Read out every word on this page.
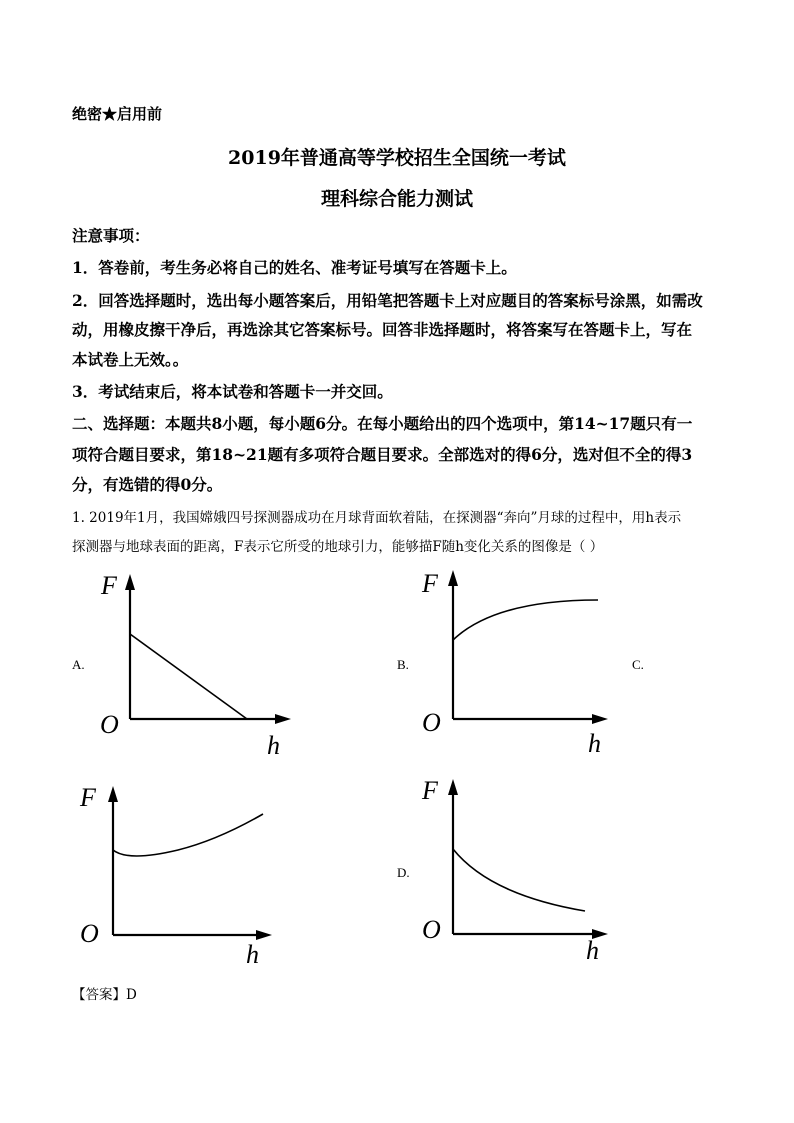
绝密★启用前
2019年普通高等学校招生全国统一考试
理科综合能力测试
注意事项：
1．答卷前，考生务必将自己的姓名、准考证号填写在答题卡上。
2．回答选择题时，选出每小题答案后，用铅笔把答题卡上对应题目的答案标号涂黑，如需改
动，用橡皮擦干净后，再选涂其它答案标号。回答非选择题时，将答案写在答题卡上，写在
本试卷上无效。。
3．考试结束后，将本试卷和答题卡一并交回。
二、选择题：本题共8小题，每小题6分。在每小题给出的四个选项中，第14~17题只有一
项符合题目要求，第18~21题有多项符合题目要求。全部选对的得6分，选对但不全的得3
分，有选错的得0分。
1. 2019年1月，我国嫦娥四号探测器成功在月球背面软着陆，在探测器“奔向”月球的过程中，用h表示
探测器与地球表面的距离，F表示它所受的地球引力，能够描F随h变化关系的图像是（ ）
F
O
h
A.
F
O
h
B.	C.
F
O
h
F
O
h
D.
【答案】D
